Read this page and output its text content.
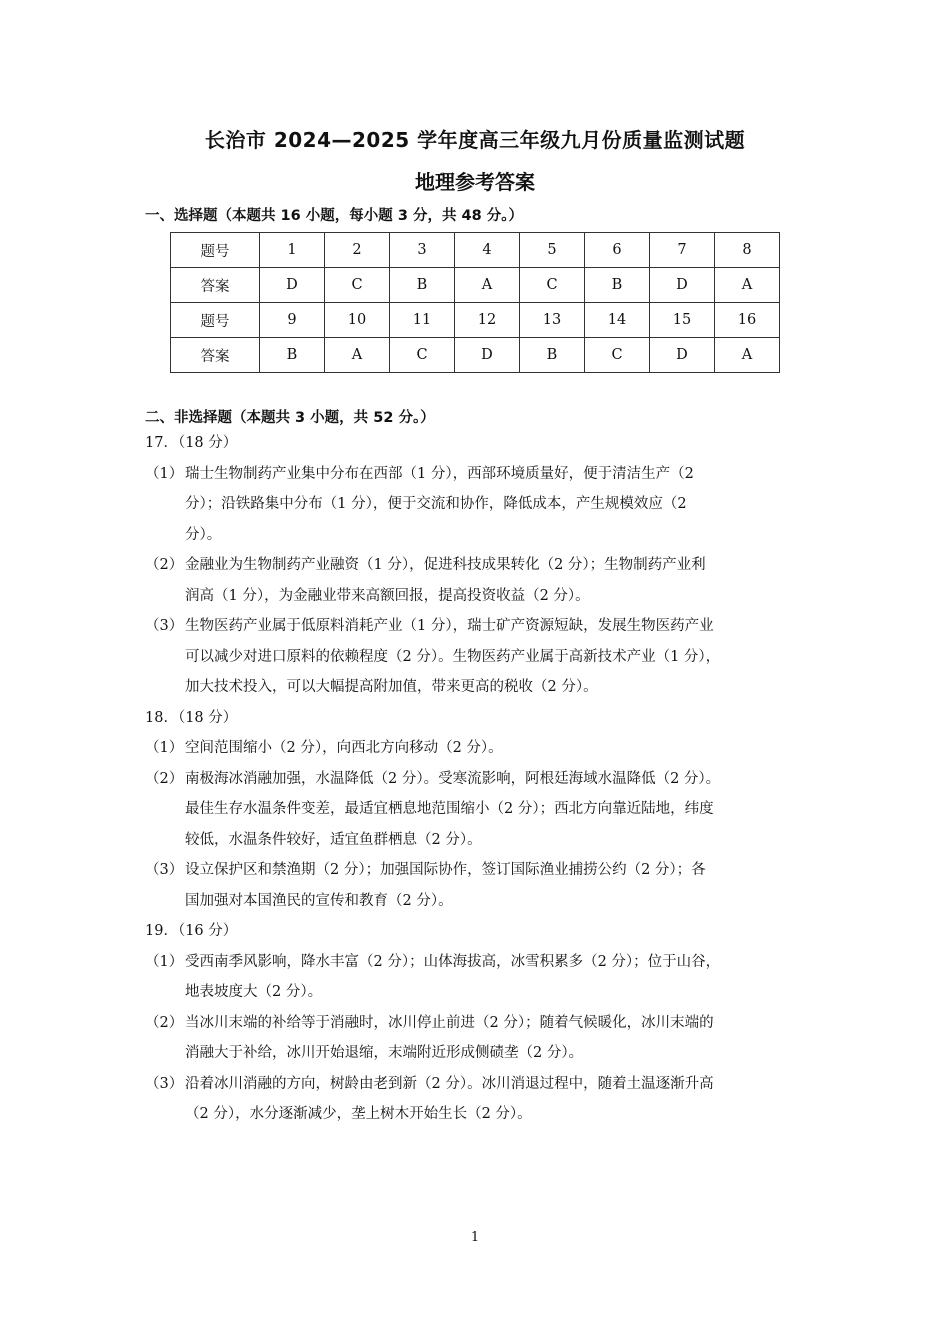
长治市 2024—2025 学年度高三年级九月份质量监测试题
地理参考答案
一、选择题（本题共 16 小题，每小题 3 分，共 48 分。）
题号	1	2	3	4	5	6	7	8
答案	D	C	B	A	C	B	D	A
题号	9	10	11	12	13	14	15	16
答案	B	A	C	D	B	C	D	A
二、非选择题（本题共 3 小题，共 52 分。）
17．（18 分）
（1） 瑞士生物制药产业集中分布在西部（1 分），西部环境质量好，便于清洁生产（2
分）；沿铁路集中分布（1 分），便于交流和协作，降低成本，产生规模效应（2
分）。
（2） 金融业为生物制药产业融资（1 分），促进科技成果转化（2 分）；生物制药产业利
润高（1 分），为金融业带来高额回报，提高投资收益（2 分）。
（3） 生物医药产业属于低原料消耗产业（1 分），瑞士矿产资源短缺，发展生物医药产业
可以减少对进口原料的依赖程度（2 分）。生物医药产业属于高新技术产业（1 分），
加大技术投入，可以大幅提高附加值，带来更高的税收（2 分）。
18．（18 分）
（1） 空间范围缩小（2 分），向西北方向移动（2 分）。
（2） 南极海冰消融加强，水温降低（2 分）。受寒流影响，阿根廷海域水温降低（2 分）。
最佳生存水温条件变差，最适宜栖息地范围缩小（2 分）；西北方向靠近陆地，纬度
较低，水温条件较好，适宜鱼群栖息（2 分）。
（3） 设立保护区和禁渔期（2 分）；加强国际协作，签订国际渔业捕捞公约（2 分）；各
国加强对本国渔民的宣传和教育（2 分）。
19．（16 分）
（1） 受西南季风影响，降水丰富（2 分）；山体海拔高，冰雪积累多（2 分）；位于山谷，
地表坡度大（2 分）。
（2） 当冰川末端的补给等于消融时，冰川停止前进（2 分）；随着气候暖化，冰川末端的
消融大于补给，冰川开始退缩，末端附近形成侧碛垄（2 分）。
（3） 沿着冰川消融的方向，树龄由老到新（2 分）。冰川消退过程中，随着土温逐渐升高
（2 分），水分逐渐减少，垄上树木开始生长（2 分）。
1
